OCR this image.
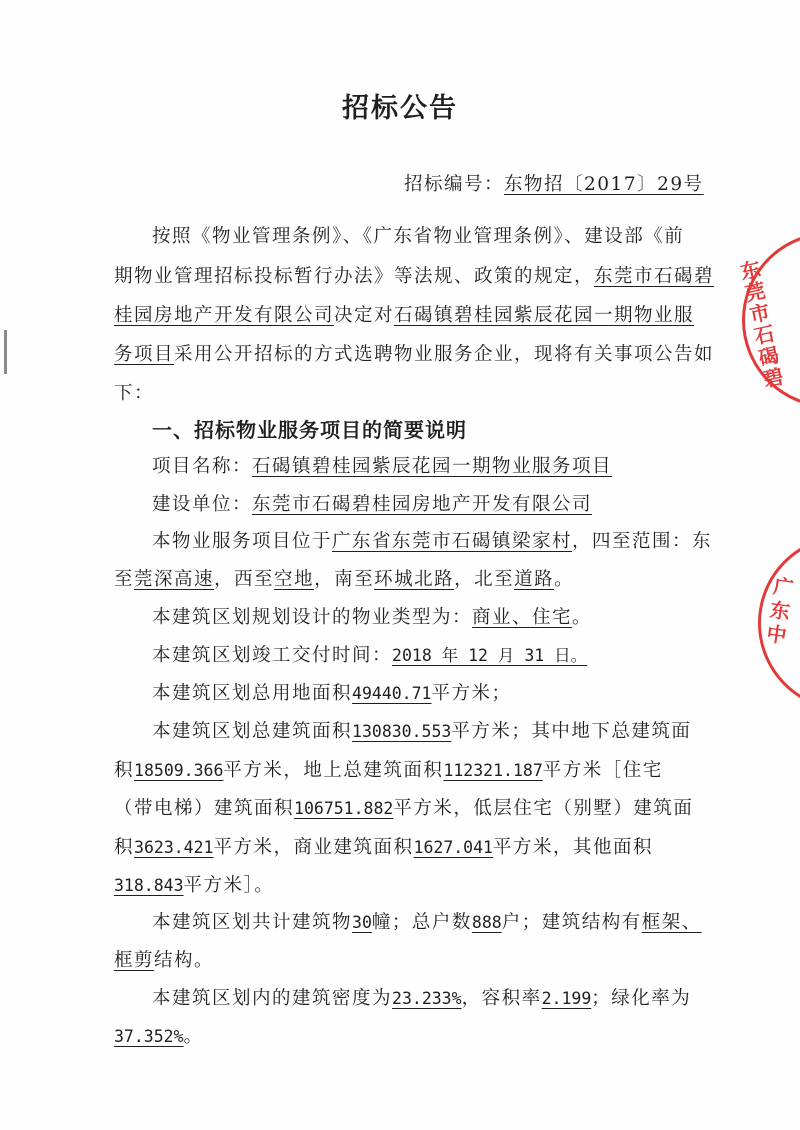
招标公告
招标编号：东物招〔2017〕29号
按照《物业管理条例》、《广东省物业管理条例》、建设部《前
期物业管理招标投标暂行办法》等法规、政策的规定，东莞市石碣碧
桂园房地产开发有限公司决定对石碣镇碧桂园紫辰花园一期物业服
务项目采用公开招标的方式选聘物业服务企业，现将有关事项公告如
下：
一、招标物业服务项目的简要说明
项目名称：石碣镇碧桂园紫辰花园一期物业服务项目
建设单位：东莞市石碣碧桂园房地产开发有限公司
本物业服务项目位于广东省东莞市石碣镇梁家村，四至范围：东
至莞深高速，西至空地，南至环城北路，北至道路。
本建筑区划规划设计的物业类型为：商业、住宅。
本建筑区划竣工交付时间：2018 年 12 月 31 日。
本建筑区划总用地面积49440.71平方米；
本建筑区划总建筑面积130830.553平方米；其中地下总建筑面
积18509.366平方米，地上总建筑面积112321.187平方米［住宅
（带电梯）建筑面积106751.882平方米，低层住宅（别墅）建筑面
积3623.421平方米，商业建筑面积1627.041平方米，其他面积
318.843平方米］。
本建筑区划共计建筑物30幢；总户数888户；建筑结构有框架、
框剪结构。
本建筑区划内的建筑密度为23.233%，容积率2.199；绿化率为
37.352%。
东莞市石碣碧
广东中
